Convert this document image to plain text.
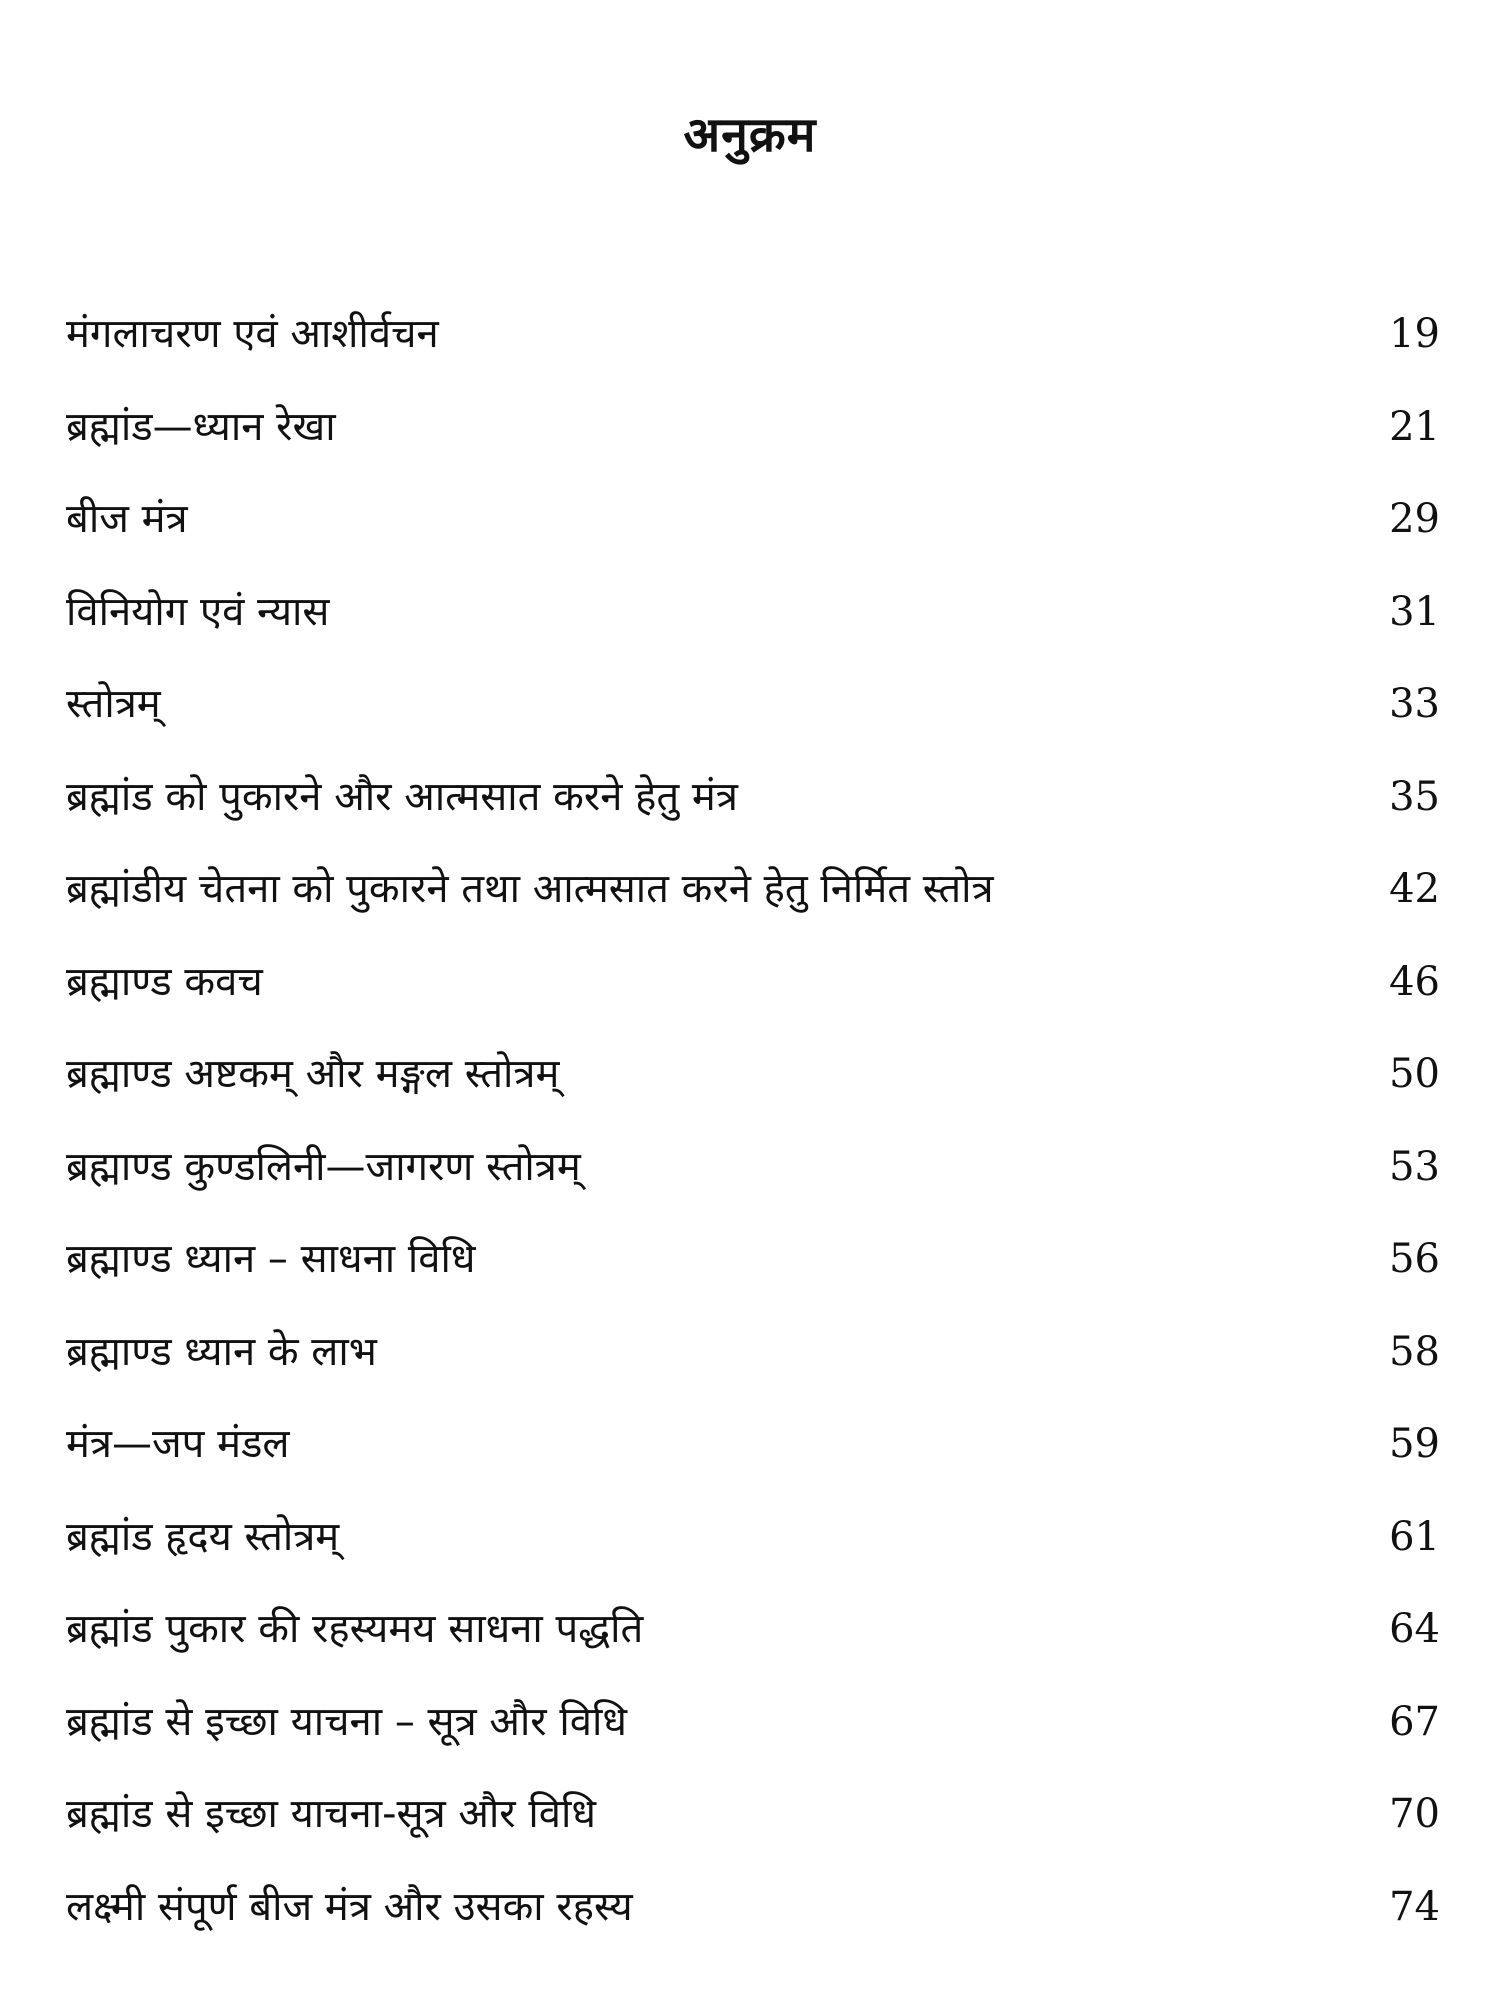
अनुक्रम
मंगलाचरण एवं आशीर्वचन	19
ब्रह्मांड—ध्यान रेखा	21
बीज मंत्र	29
विनियोग एवं न्यास	31
स्तोत्रम्	33
ब्रह्मांड को पुकारने और आत्मसात करने हेतु मंत्र	35
ब्रह्मांडीय चेतना को पुकारने तथा आत्मसात करने हेतु निर्मित स्तोत्र	42
ब्रह्माण्ड कवच	46
ब्रह्माण्ड अष्टकम् और मङ्गल स्तोत्रम्	50
ब्रह्माण्ड कुण्डलिनी—जागरण स्तोत्रम्	53
ब्रह्माण्ड ध्यान – साधना विधि	56
ब्रह्माण्ड ध्यान के लाभ	58
मंत्र—जप मंडल	59
ब्रह्मांड हृदय स्तोत्रम्	61
ब्रह्मांड पुकार की रहस्यमय साधना पद्धति	64
ब्रह्मांड से इच्छा याचना – सूत्र और विधि	67
ब्रह्मांड से इच्छा याचना-सूत्र और विधि	70
लक्ष्मी संपूर्ण बीज मंत्र और उसका रहस्य	74
